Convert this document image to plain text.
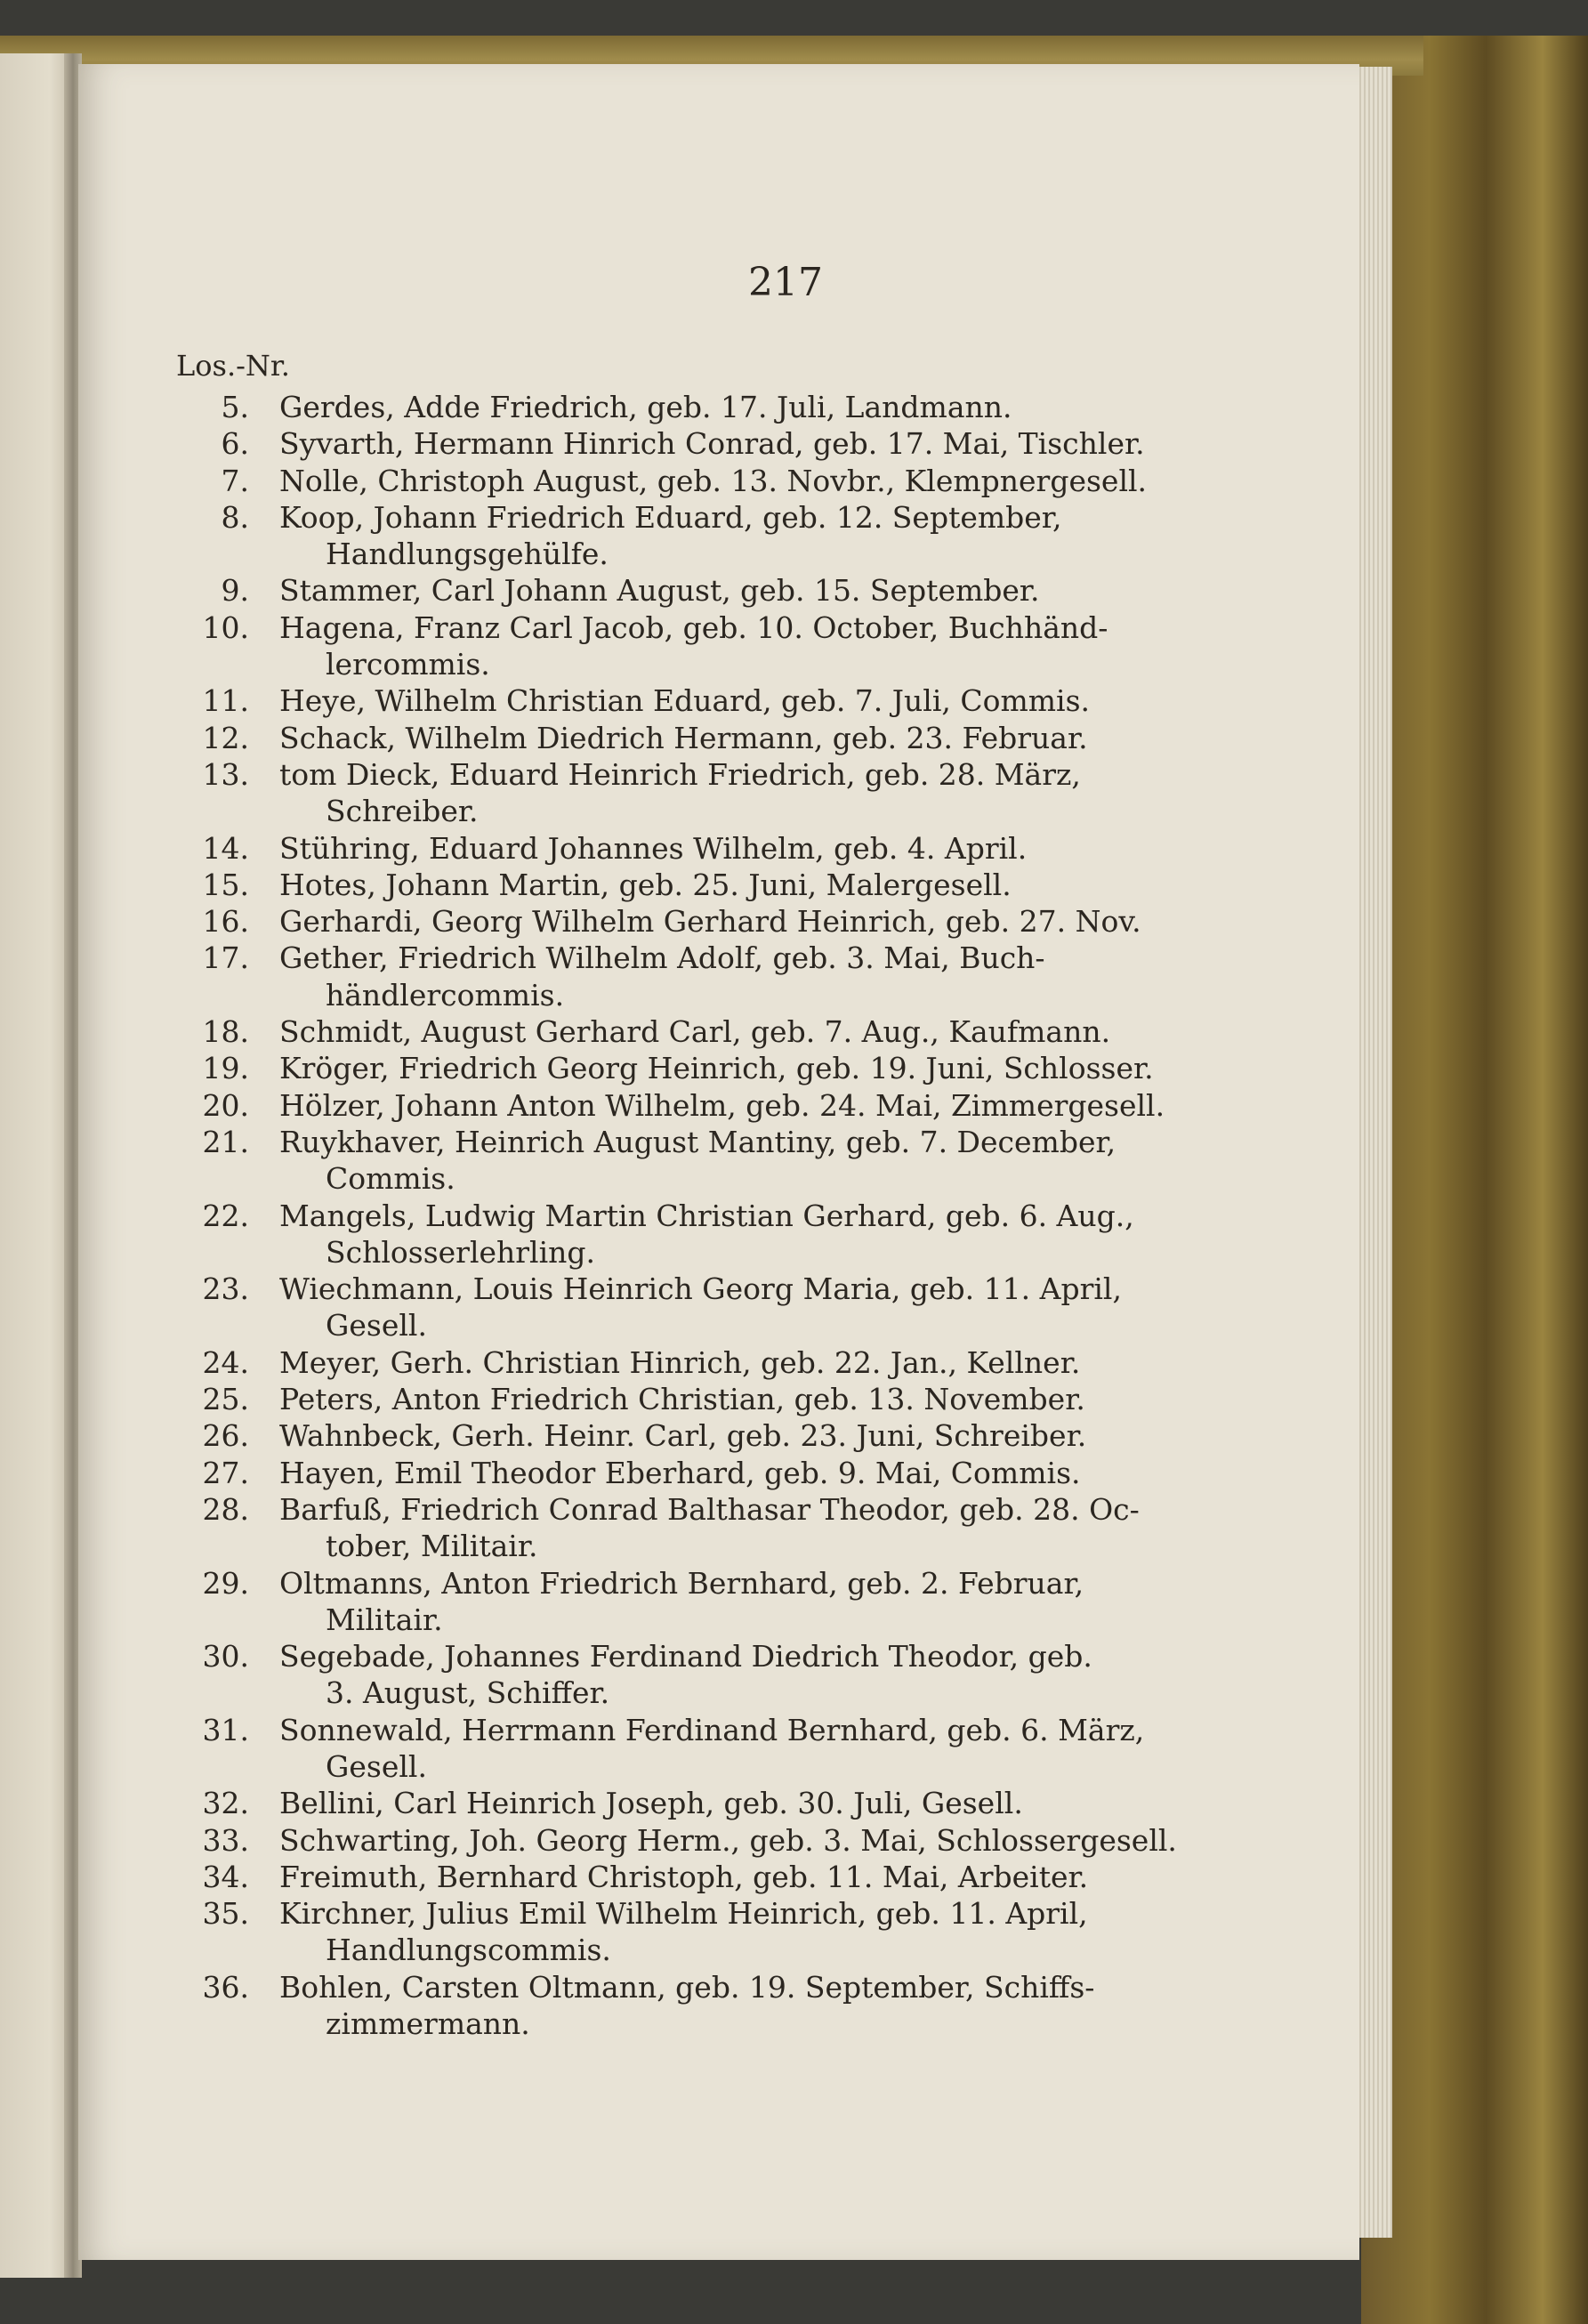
217
Los.-Nr.
5.	Gerdes, Adde Friedrich, geb. 17. Juli, Landmann.
6.	Syvarth, Hermann Hinrich Conrad, geb. 17. Mai, Tischler.
7.	Nolle, Christoph August, geb. 13. Novbr., Klempnergesell.
8.	Koop, Johann Friedrich Eduard, geb. 12. September,
Handlungsgehülfe.
9.	Stammer, Carl Johann August, geb. 15. September.
10.	Hagena, Franz Carl Jacob, geb. 10. October, Buchhänd-
lercommis.
11.	Heye, Wilhelm Christian Eduard, geb. 7. Juli, Commis.
12.	Schack, Wilhelm Diedrich Hermann, geb. 23. Februar.
13.	tom Dieck, Eduard Heinrich Friedrich, geb. 28. März,
Schreiber.
14.	Stühring, Eduard Johannes Wilhelm, geb. 4. April.
15.	Hotes, Johann Martin, geb. 25. Juni, Malergesell.
16.	Gerhardi, Georg Wilhelm Gerhard Heinrich, geb. 27. Nov.
17.	Gether, Friedrich Wilhelm Adolf, geb. 3. Mai, Buch-
händlercommis.
18.	Schmidt, August Gerhard Carl, geb. 7. Aug., Kaufmann.
19.	Kröger, Friedrich Georg Heinrich, geb. 19. Juni, Schlosser.
20.	Hölzer, Johann Anton Wilhelm, geb. 24. Mai, Zimmergesell.
21.	Ruykhaver, Heinrich August Mantiny, geb. 7. December,
Commis.
22.	Mangels, Ludwig Martin Christian Gerhard, geb. 6. Aug.,
Schlosserlehrling.
23.	Wiechmann, Louis Heinrich Georg Maria, geb. 11. April,
Gesell.
24.	Meyer, Gerh. Christian Hinrich, geb. 22. Jan., Kellner.
25.	Peters, Anton Friedrich Christian, geb. 13. November.
26.	Wahnbeck, Gerh. Heinr. Carl, geb. 23. Juni, Schreiber.
27.	Hayen, Emil Theodor Eberhard, geb. 9. Mai, Commis.
28.	Barfuß, Friedrich Conrad Balthasar Theodor, geb. 28. Oc-
tober, Militair.
29.	Oltmanns, Anton Friedrich Bernhard, geb. 2. Februar,
Militair.
30.	Segebade, Johannes Ferdinand Diedrich Theodor, geb.
3. August, Schiffer.
31.	Sonnewald, Herrmann Ferdinand Bernhard, geb. 6. März,
Gesell.
32.	Bellini, Carl Heinrich Joseph, geb. 30. Juli, Gesell.
33.	Schwarting, Joh. Georg Herm., geb. 3. Mai, Schlossergesell.
34.	Freimuth, Bernhard Christoph, geb. 11. Mai, Arbeiter.
35.	Kirchner, Julius Emil Wilhelm Heinrich, geb. 11. April,
Handlungscommis.
36.	Bohlen, Carsten Oltmann, geb. 19. September, Schiffs-
zimmermann.
